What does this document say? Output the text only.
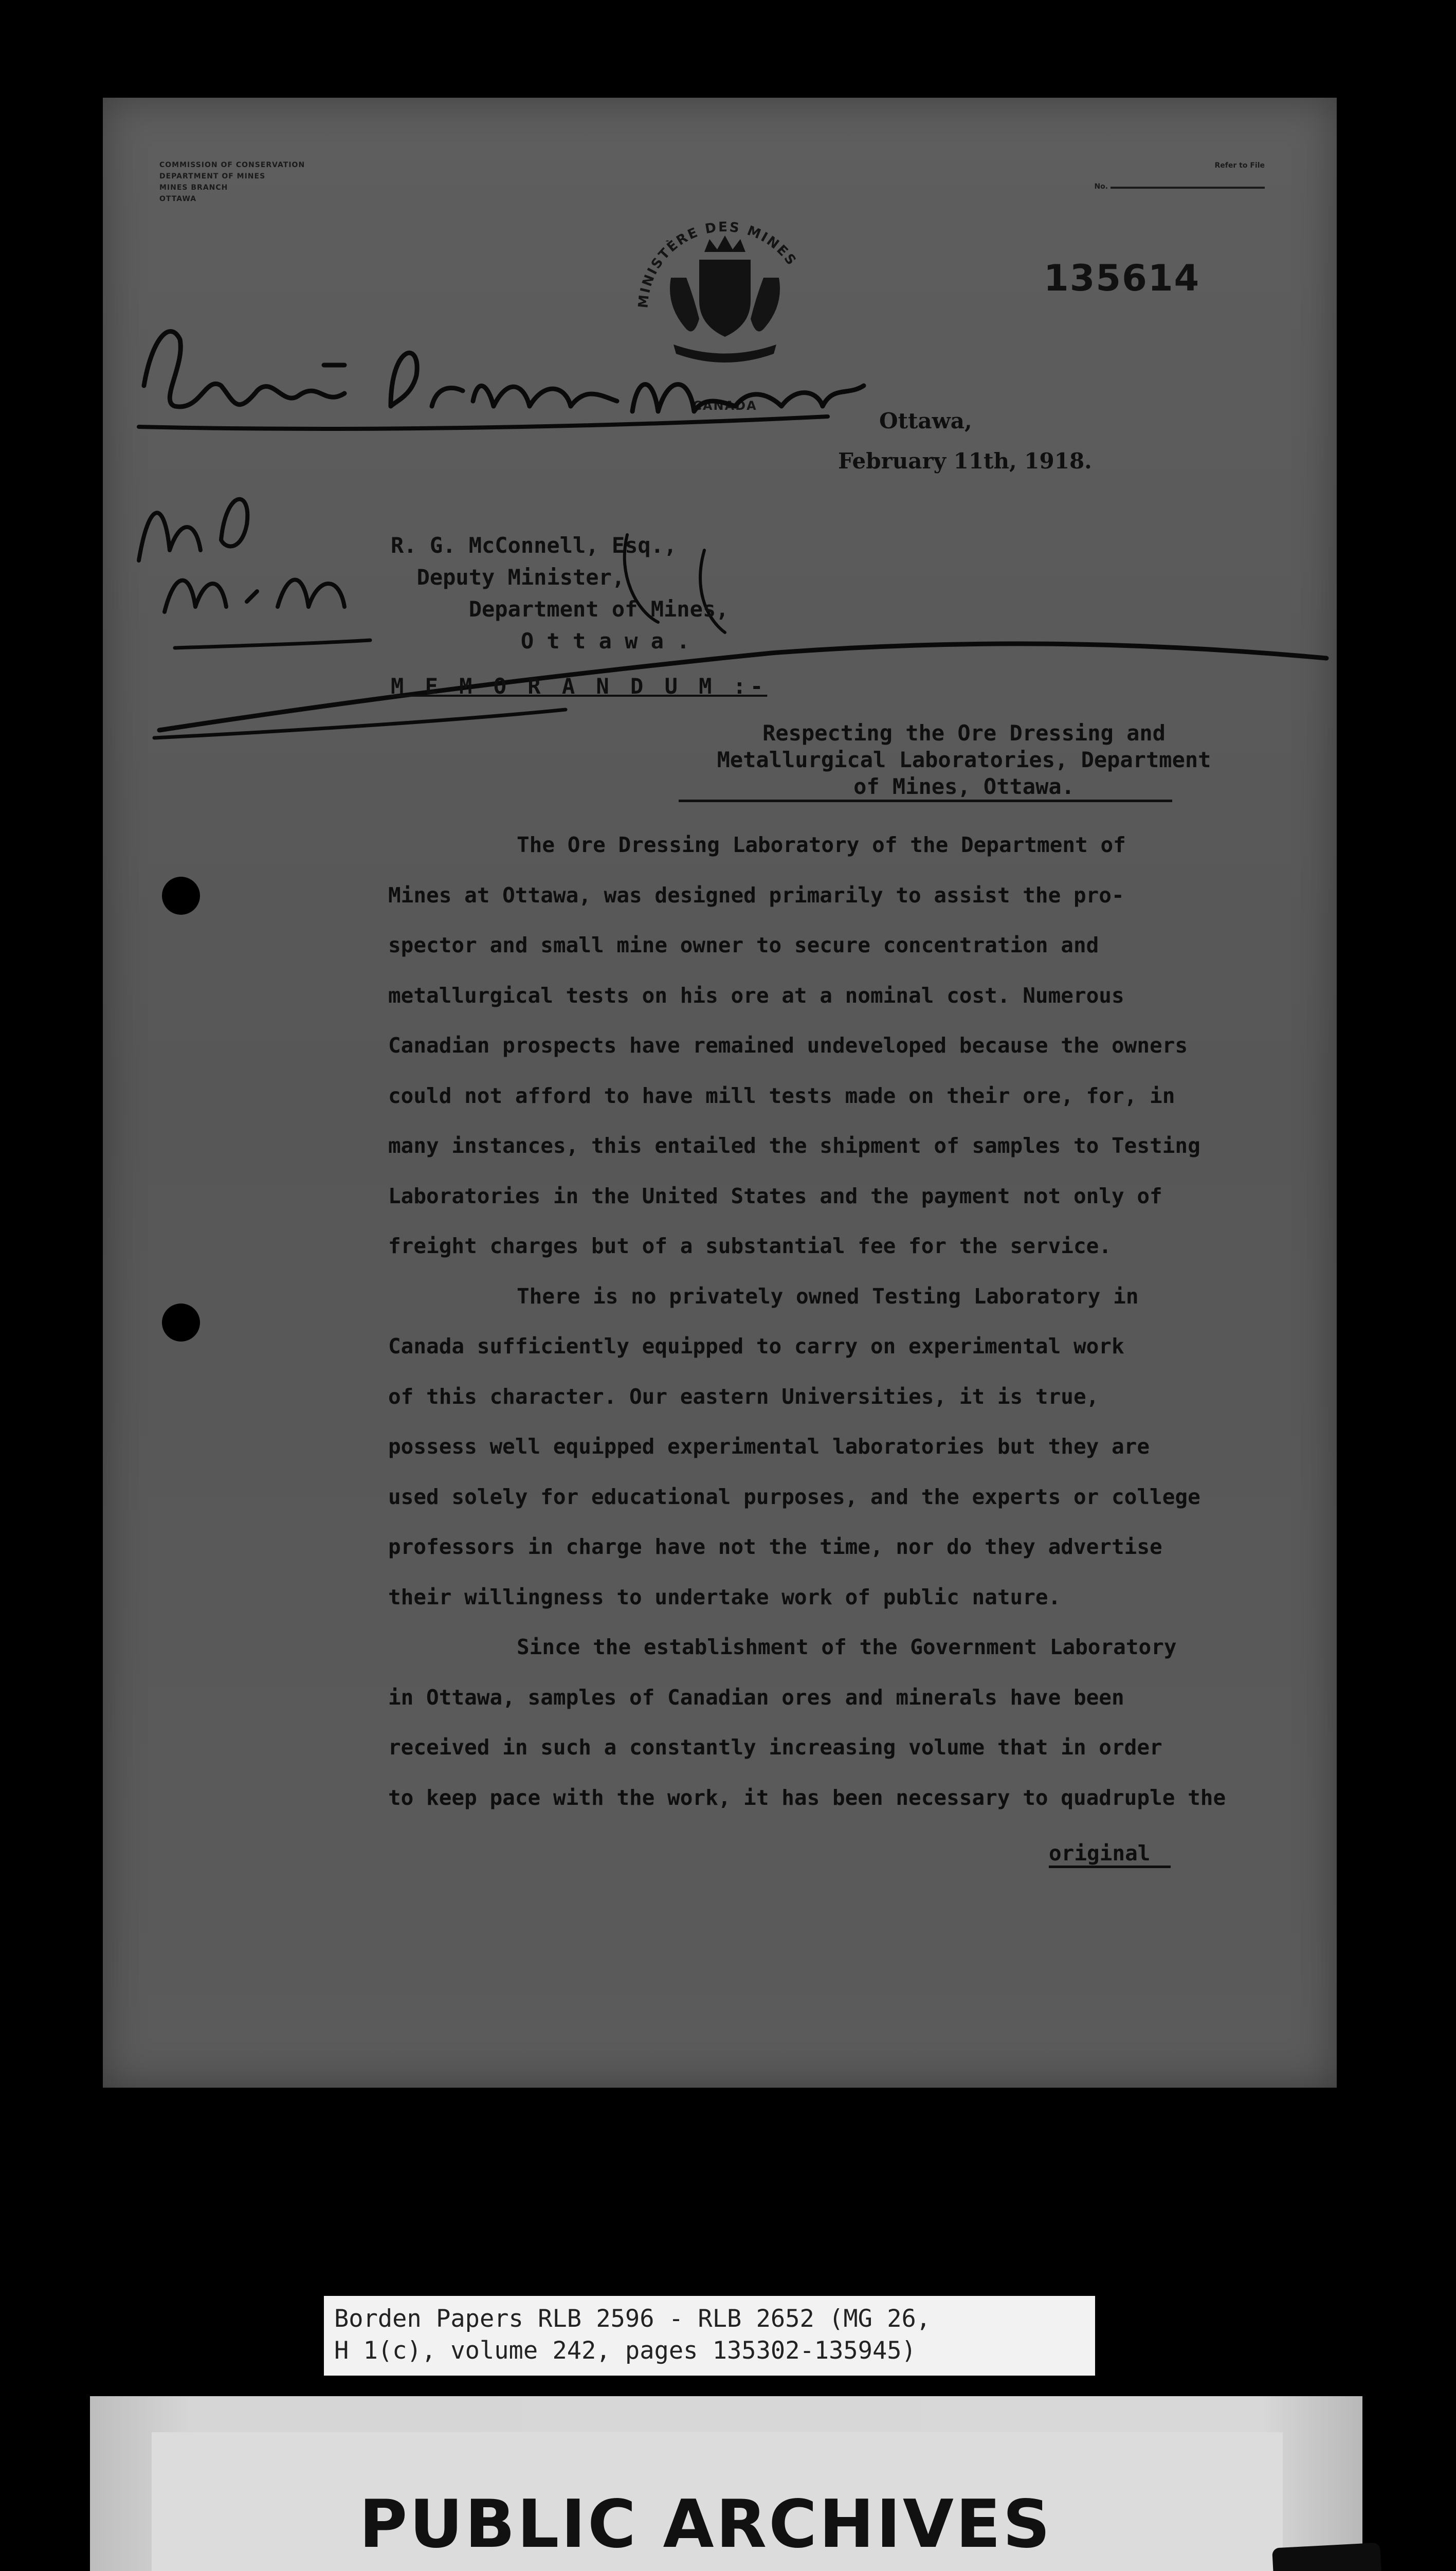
COMMISSION OF CONSERVATION
DEPARTMENT OF MINES
MINES BRANCH
OTTAWA
Refer to File
No.
MINISTÈRE DES MINES
CANADA
135614
Ottawa,
February 11th, 1918.
R. G. McConnell, Esq.,
Deputy Minister,
Department of Mines,
O t t a w a .
M E M O R A N D U M :-
Respecting the Ore Dressing and
Metallurgical Laboratories, Department
of Mines, Ottawa.

The Ore Dressing Laboratory of the Department of

Mines at Ottawa, was designed primarily to assist the pro-

spector and small mine owner to secure concentration and

metallurgical tests on his ore at a nominal cost. Numerous

Canadian prospects have remained undeveloped because the owners

could not afford to have mill tests made on their ore, for, in

many instances, this entailed the shipment of samples to Testing

Laboratories in the United States and the payment not only of

freight charges but of a substantial fee for the service.

There is no privately owned Testing Laboratory in

Canada sufficiently equipped to carry on experimental work

of this character. Our eastern Universities, it is true,

possess well equipped experimental laboratories but they are

used solely for educational purposes, and the experts or college

professors in charge have not the time, nor do they advertise

their willingness to undertake work of public nature.

Since the establishment of the Government Laboratory

in Ottawa, samples of Canadian ores and minerals have been

received in such a constantly increasing volume that in order

to keep pace with the work, it has been necessary to quadruple the

original
Borden Papers RLB 2596 - RLB 2652 (MG 26,
H 1(c), volume 242, pages 135302-135945)
PUBLIC ARCHIVES
